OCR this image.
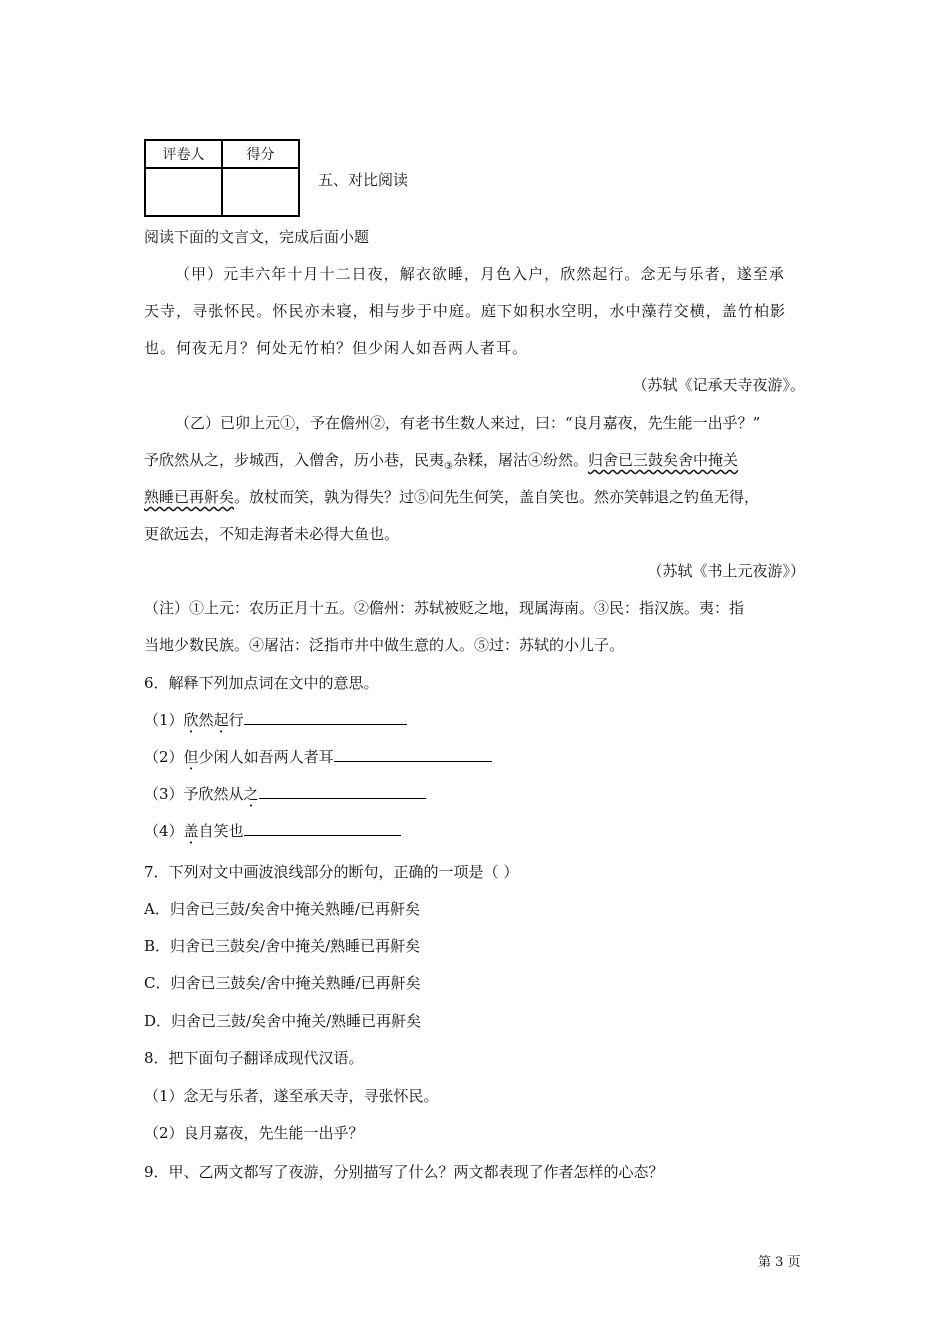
评卷人	得分

五、对比阅读
阅读下面的文言文，完成后面小题
（甲）元丰六年十月十二日夜，解衣欲睡，月色入户，欣然起行。念无与乐者，遂至承
天寺，寻张怀民。怀民亦未寝，相与步于中庭。庭下如积水空明，水中藻荇交横，盖竹柏影
也。何夜无月？何处无竹柏？但少闲人如吾两人者耳。
（苏轼《记承天寺夜游》。
（乙）已卯上元①，予在儋州②，有老书生数人来过，曰：“良月嘉夜，先生能一出乎？”
予欣然从之，步城西，入僧舍，历小巷，民夷$_③$杂糅，屠沽④纷然。归舍已三鼓矣舍中掩关
熟睡已再鼾矣。放杖而笑，孰为得失？过⑤问先生何笑，盖自笑也。然亦笑韩退之钓鱼无得，
更欲远去，不知走海者未必得大鱼也。
（苏轼《书上元夜游》）
（注）①上元：农历正月十五。②儋州：苏轼被贬之地，现属海南。③民：指汉族。夷：指
当地少数民族。④屠沽：泛指市井中做生意的人。⑤过：苏轼的小儿子。
6．解释下列加点词在文中的意思。
（1）欣然起行
（2）但少闲人如吾两人者耳
（3）予欣然从之
（4）盖自笑也
7．下列对文中画波浪线部分的断句，正确的一项是（ ）
A．归舍已三鼓/矣舍中掩关熟睡/已再鼾矣
B．归舍已三鼓矣/舍中掩关/熟睡已再鼾矣
C．归舍已三鼓矣/舍中掩关熟睡/已再鼾矣
D．归舍已三鼓/矣舍中掩关/熟睡已再鼾矣
8．把下面句子翻译成现代汉语。
（1）念无与乐者，遂至承天寺，寻张怀民。
（2）良月嘉夜，先生能一出乎？
9．甲、乙两文都写了夜游，分别描写了什么？两文都表现了作者怎样的心态？
第 3 页
